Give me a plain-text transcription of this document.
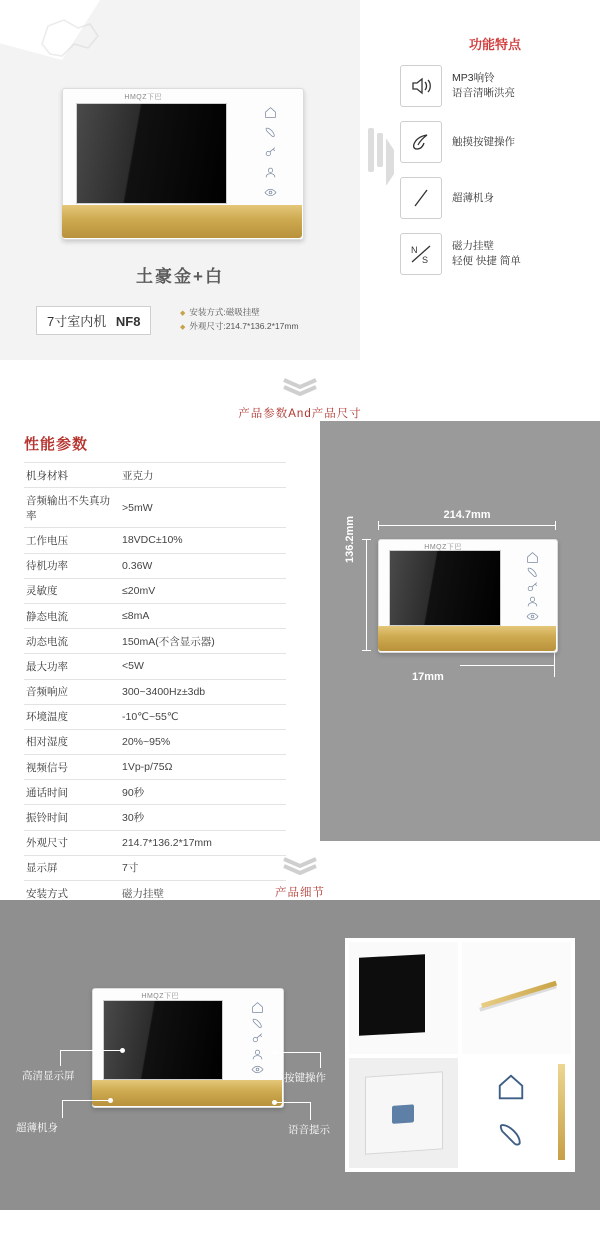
HMQZ下巴
土豪金+白
7寸室内机 NF8
◆ 安装方式:磁吸挂壁
◆ 外观尺寸:214.7*136.2*17mm
功能特点
MP3响铃
语音清晰洪亮
触摸按键操作
超薄机身
N
S
磁力挂壁
轻便 快捷 简单
产品参数And产品尺寸
性能参数
机身材料	亚克力
音频输出不失真功率	>5mW
工作电压	18VDC±10%
待机功率	0.36W
灵敏度	≤20mV
静态电流	≤8mA
动态电流	150mA(不含显示器)
最大功率	<5W
音频响应	300~3400Hz±3db
环境温度	-10℃~55℃
相对湿度	20%~95%
视频信号	1Vp-p/75Ω
通话时间	90秒
振铃时间	30秒
外观尺寸	214.7*136.2*17mm
显示屏	7寸
安装方式	磁力挂壁
214.7mm
136.2mm
17mm
HMQZ下巴
产品细节
HMQZ下巴
高清显示屏
超薄机身
按键操作
语音提示
